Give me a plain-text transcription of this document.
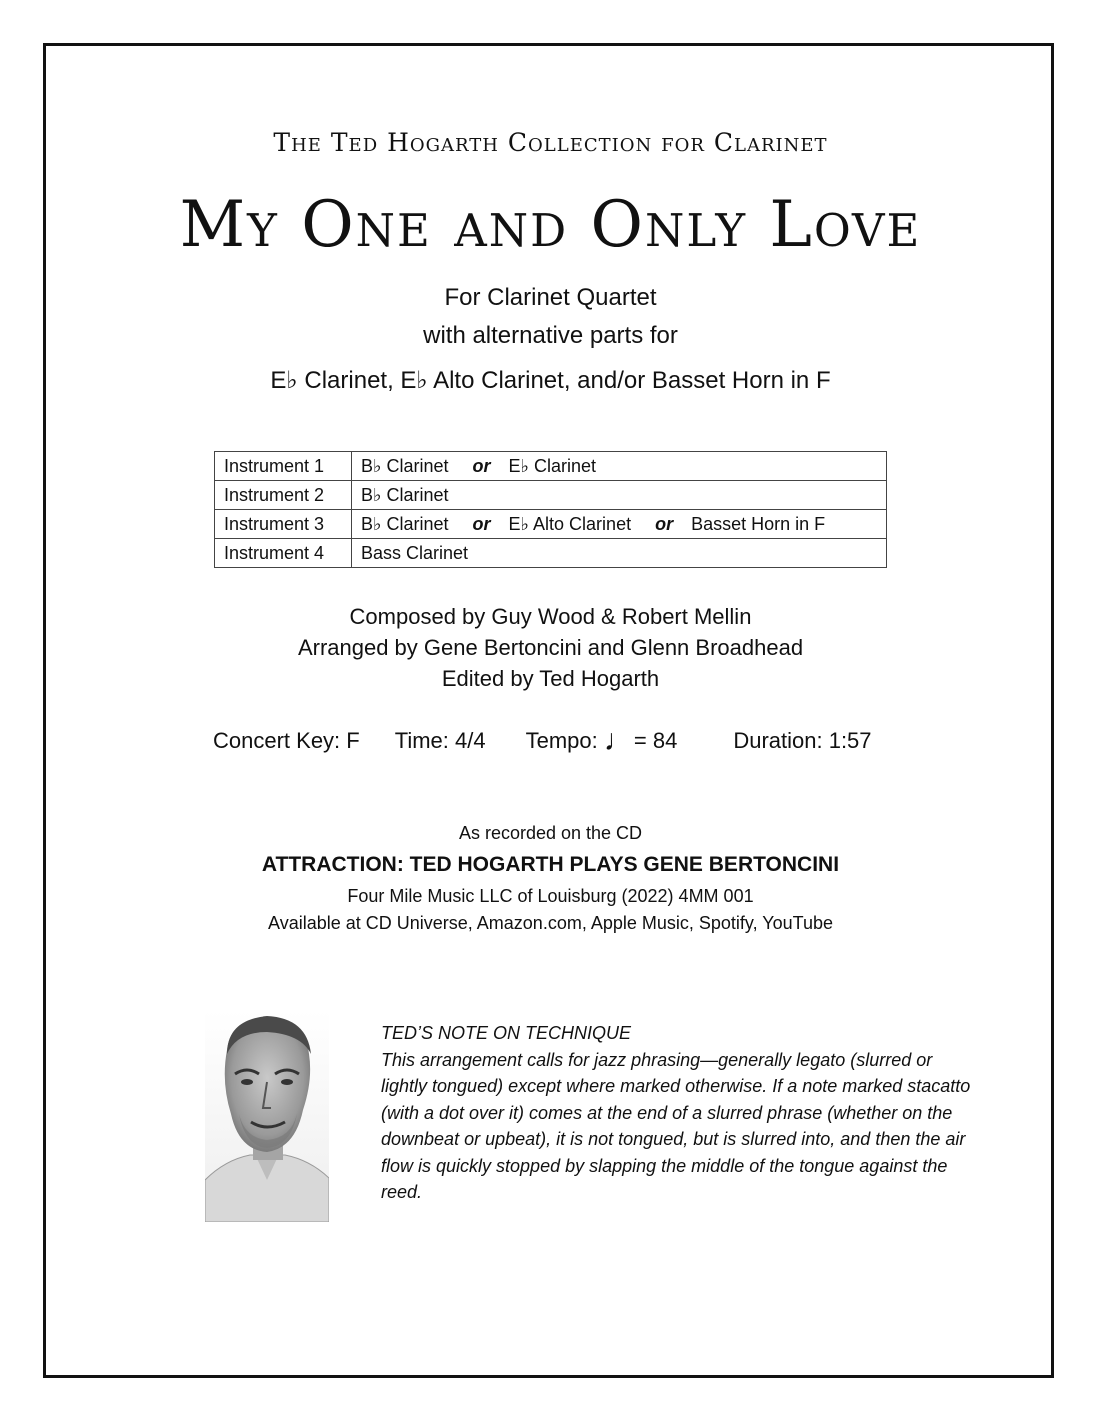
The Ted Hogarth Collection for Clarinet
My One and Only Love
For Clarinet Quartet
with alternative parts for
E♭ Clarinet, E♭ Alto Clarinet, and/or Basset Horn in F
Instrument 1	B♭ Clarinet or E♭ Clarinet
Instrument 2	B♭ Clarinet
Instrument 3	B♭ Clarinet or E♭ Alto Clarinet or Basset Horn in F
Instrument 4	Bass Clarinet
Composed by Guy Wood & Robert Mellin
Arranged by Gene Bertoncini and Glenn Broadhead
Edited by Ted Hogarth
Concert Key: F Time: 4/4 Tempo: ♩= 84	Duration: 1:57
As recorded on the CD
ATTRACTION: TED HOGARTH PLAYS GENE BERTONCINI
Four Mile Music LLC of Louisburg (2022) 4MM 001
Available at CD Universe, Amazon.com, Apple Music, Spotify, YouTube
TED’S NOTE ON TECHNIQUE
This arrangement calls for jazz phrasing—generally legato (slurred or lightly tongued) except where marked otherwise. If a note marked stacatto (with a dot over it) comes at the end of a slurred phrase (whether on the downbeat or upbeat), it is not tongued, but is slurred into, and then the air flow is quickly stopped by slapping the middle of the tongue against the reed.
